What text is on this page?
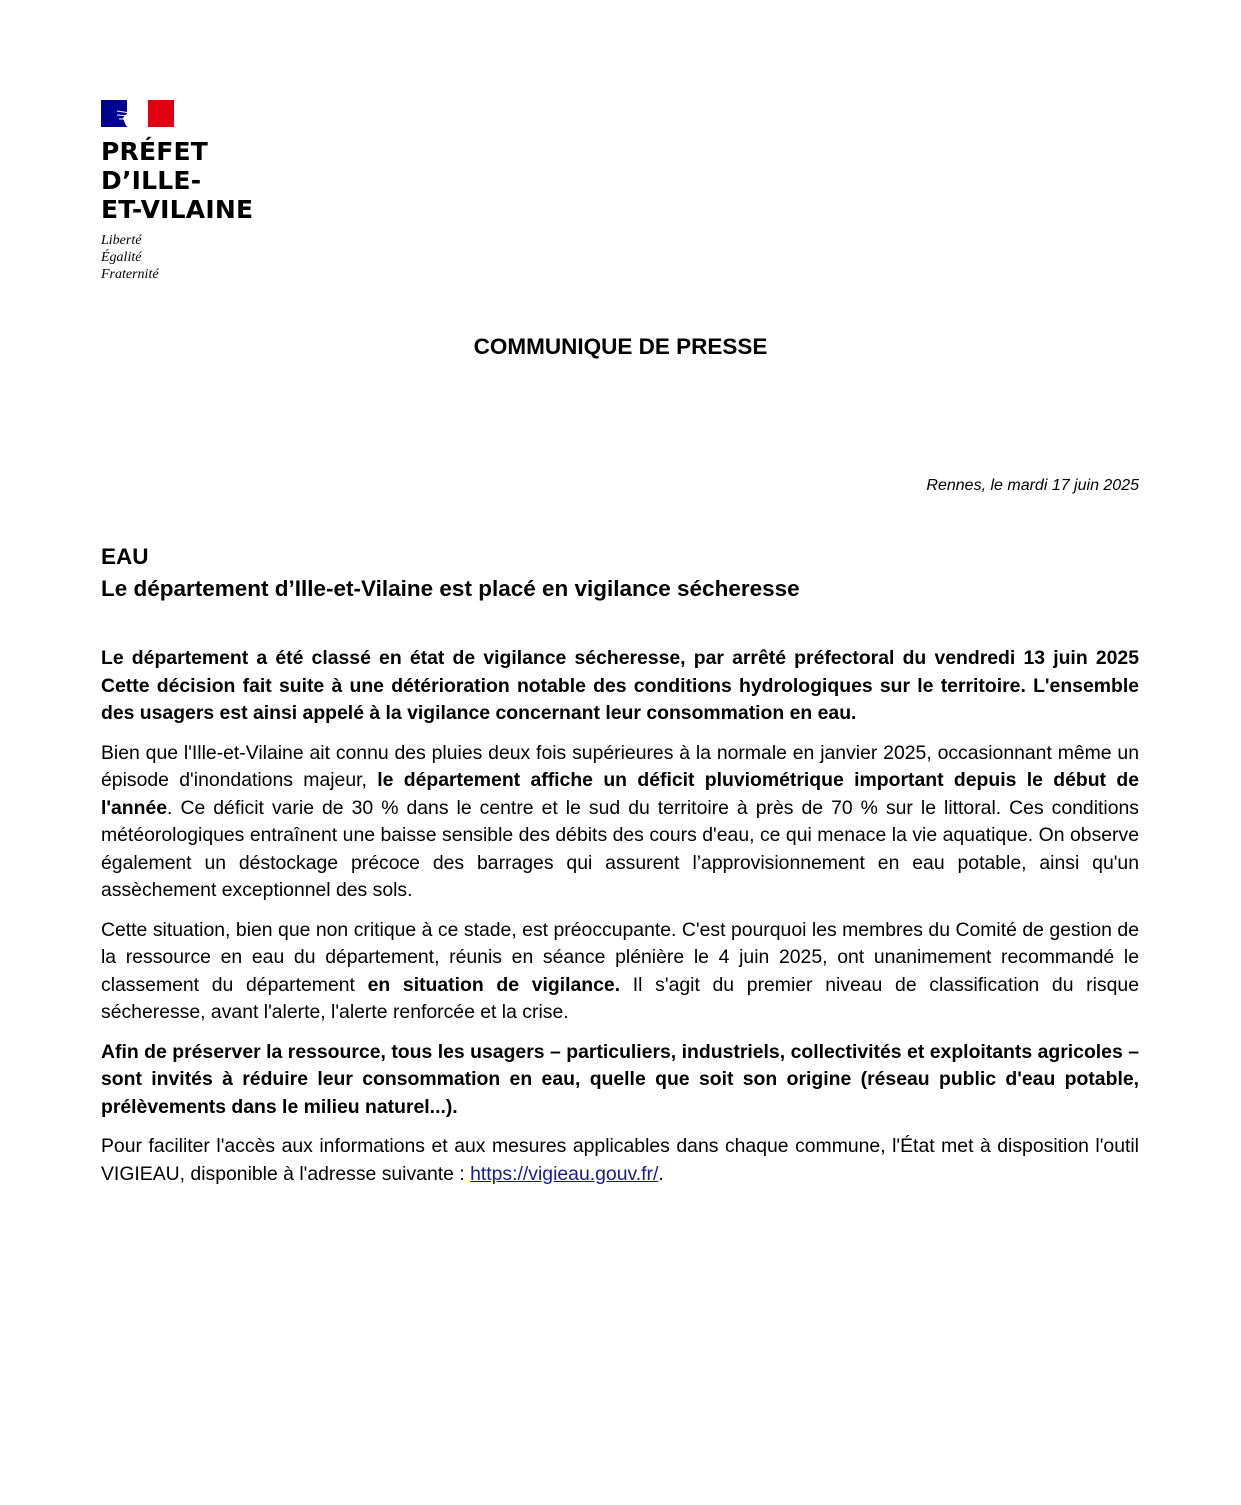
PRÉFET
D’ILLE-
ET-VILAINE
Liberté
Égalité
Fraternité
COMMUNIQUE DE PRESSE
Rennes, le mardi 17 juin 2025
EAU
Le département d’Ille-et-Vilaine est placé en vigilance sécheresse

Le département a été classé en état de vigilance sécheresse, par arrêté préfectoral du vendredi 13 juin 2025 Cette décision fait suite à une détérioration notable des conditions hydrologiques sur le territoire. L'ensemble des usagers est ainsi appelé à la vigilance concernant leur consommation en eau.

Bien que l'Ille-et-Vilaine ait connu des pluies deux fois supérieures à la normale en janvier 2025, occasionnant même un épisode d'inondations majeur, le département affiche un déficit pluviométrique important depuis le début de l'année. Ce déficit varie de 30 % dans le centre et le sud du territoire à près de 70 % sur le littoral. Ces conditions météorologiques entraînent une baisse sensible des débits des cours d'eau, ce qui menace la vie aquatique. On observe également un déstockage précoce des barrages qui assurent l’approvisionnement en eau potable, ainsi qu'un assèchement exceptionnel des sols.

Cette situation, bien que non critique à ce stade, est préoccupante. C'est pourquoi les membres du Comité de gestion de la ressource en eau du département, réunis en séance plénière le 4 juin 2025, ont unanimement recommandé le classement du département en situation de vigilance. Il s'agit du premier niveau de classification du risque sécheresse, avant l'alerte, l'alerte renforcée et la crise.

Afin de préserver la ressource, tous les usagers – particuliers, industriels, collectivités et exploitants agricoles – sont invités à réduire leur consommation en eau, quelle que soit son origine (réseau public d'eau potable, prélèvements dans le milieu naturel...).

Pour faciliter l'accès aux informations et aux mesures applicables dans chaque commune, l'État met à disposition l'outil VIGIEAU, disponible à l'adresse suivante : https://vigieau.gouv.fr/.
